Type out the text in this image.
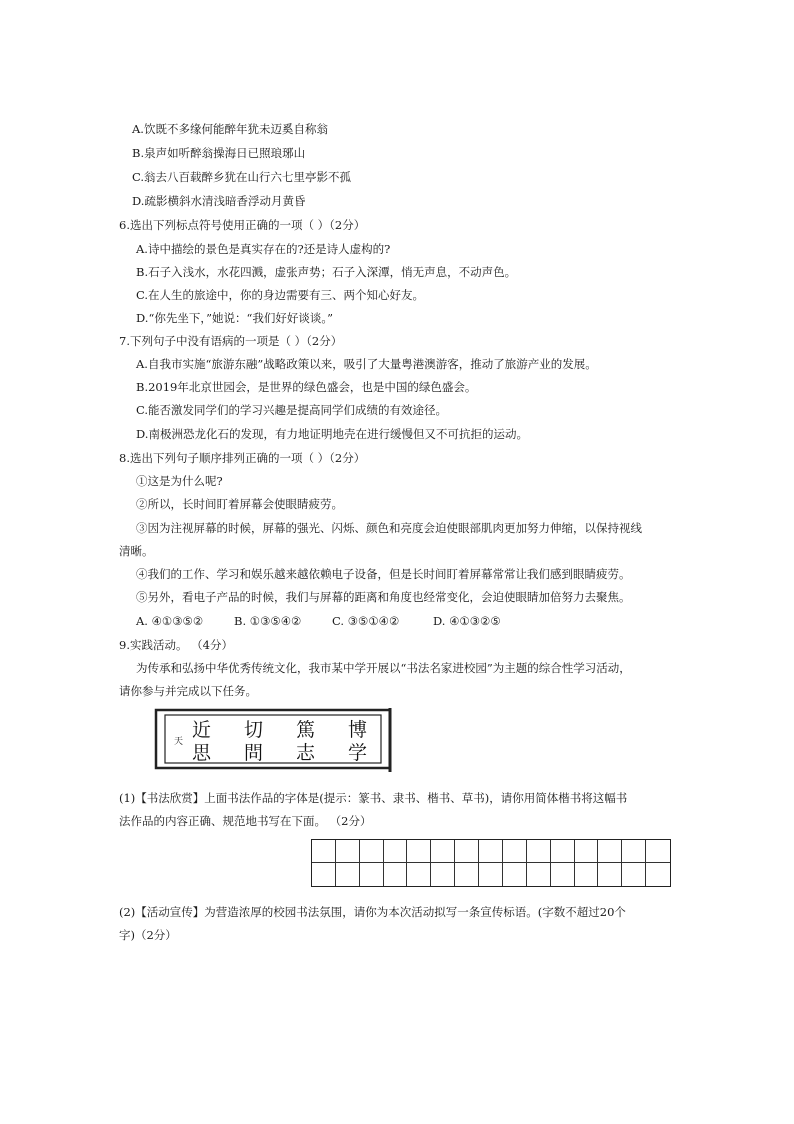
A.饮既不多缘何能醉年犹未迈奚自称翁
B.泉声如听醉翁操海日已照琅琊山
C.翁去八百载醉乡犹在山行六七里亭影不孤
D.疏影横斜水清浅暗香浮动月黄昏
6.选出下列标点符号使用正确的一项（ ）（2分）
A.诗中描绘的景色是真实存在的?还是诗人虚构的?
B.石子入浅水，水花四溅，虚张声势；石子入深潭，悄无声息，不动声色。
C.在人生的旅途中，你的身边需要有三、两个知心好友。
D.“你先坐下，”她说：“我们好好谈谈。”
7.下列句子中没有语病的一项是（ ）（2分）
A.自我市实施“旅游东融”战略政策以来，吸引了大量粤港澳游客，推动了旅游产业的发展。
B.2019年北京世园会，是世界的绿色盛会，也是中国的绿色盛会。
C.能否激发同学们的学习兴趣是提高同学们成绩的有效途径。
D.南极洲恐龙化石的发现，有力地证明地壳在进行缓慢但又不可抗拒的运动。
8.选出下列句子顺序排列正确的一项（ ）（2分）
①这是为什么呢?
②所以，长时间盯着屏幕会使眼睛疲劳。
③因为注视屏幕的时候，屏幕的强光、闪烁、颜色和亮度会迫使眼部肌肉更加努力伸缩，以保持视线
清晰。
④我们的工作、学习和娱乐越来越依赖电子设备，但是长时间盯着屏幕常常让我们感到眼睛疲劳。
⑤另外，看电子产品的时候，我们与屏幕的距离和角度也经常变化，会迫使眼睛加倍努力去聚焦。
A. ④①③⑤②	B. ①③⑤④②	C. ③⑤①④②	D. ④①③②⑤
9.实践活动。 （4分）
为传承和弘扬中华优秀传统文化，我市某中学开展以“书法名家进校园”为主题的综合性学习活动，
请你参与并完成以下任务。
天
近 切 篤 博
思 問 志 学
(1)【书法欣赏】上面书法作品的字体是(提示：篆书、隶书、楷书、草书)，请你用简体楷书将这幅书
法作品的内容正确、规范地书写在下面。 （2分）
(2)【活动宣传】为营造浓厚的校园书法氛围，请你为本次活动拟写一条宣传标语。(字数不超过20个
字)（2分）
